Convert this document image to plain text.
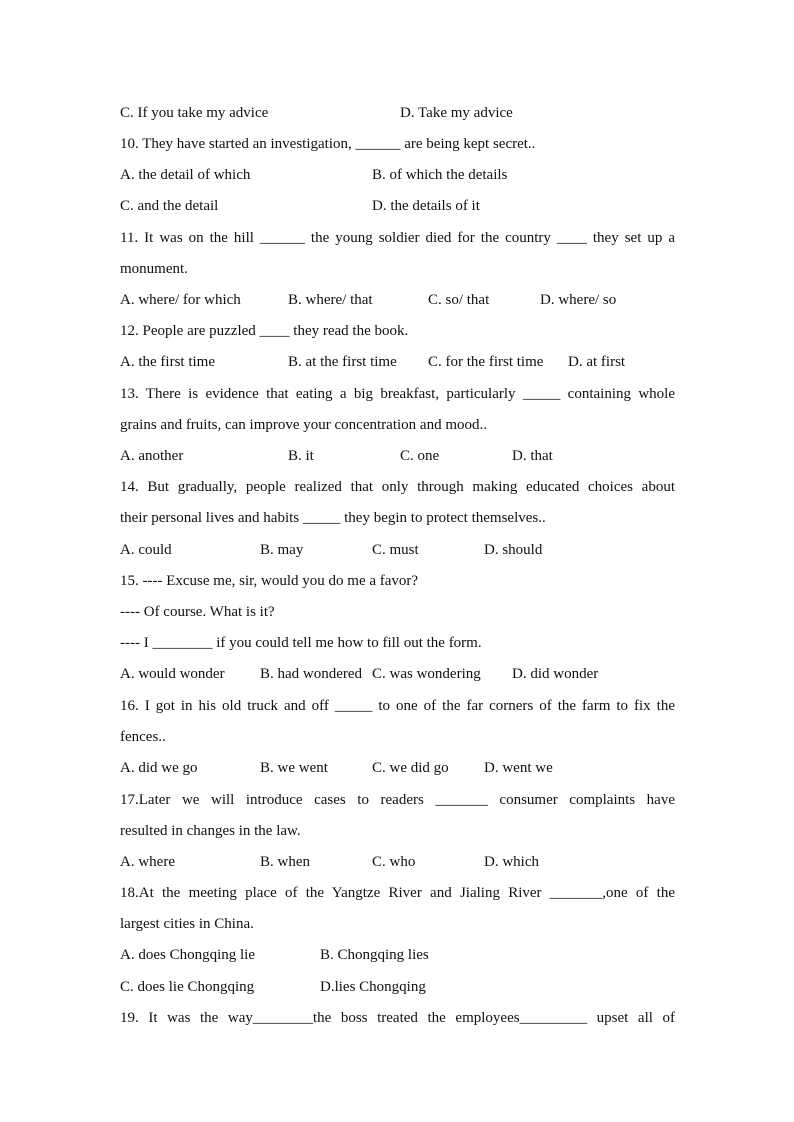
C. If you take my advice	D. Take my advice
10. They have started an investigation, ______ are being kept secret..
A. the detail of which	B. of which the details
C. and the detail	D. the details of it
11. It was on the hill ______ the young soldier died for the country ____ they set up a
monument.
A. where/ for which	B. where/ that	C. so/ that	D. where/ so
12. People are puzzled ____ they read the book.
A. the first time	B. at the first time C. for the first time D. at first
13. There is evidence that eating a big breakfast, particularly _____ containing whole
grains and fruits, can improve your concentration and mood..
A. another	B. it	C. one	D. that
14. But gradually, people realized that only through making educated choices about
their personal lives and habits _____ they begin to protect themselves..
A. could	B. may	C. must	D. should
15. ---- Excuse me, sir, would you do me a favor?
---- Of course. What is it?
---- I ________ if you could tell me how to fill out the form.
A. would wonder B. had wondered C. was wondering D. did wonder
16. I got in his old truck and off _____ to one of the far corners of the farm to fix the
fences..
A. did we go	B. we went	C. we did go D. went we
17.Later we will introduce cases to readers _______ consumer complaints have
resulted in changes in the law.
A. where	B. when	C. who	D. which
18.At the meeting place of the Yangtze River and Jialing River _______,one of the
largest cities in China.
A. does Chongqing lie	B. Chongqing lies
C. does lie Chongqing	D.lies Chongqing
19. It was the way________the boss treated the employees_________ upset all of
